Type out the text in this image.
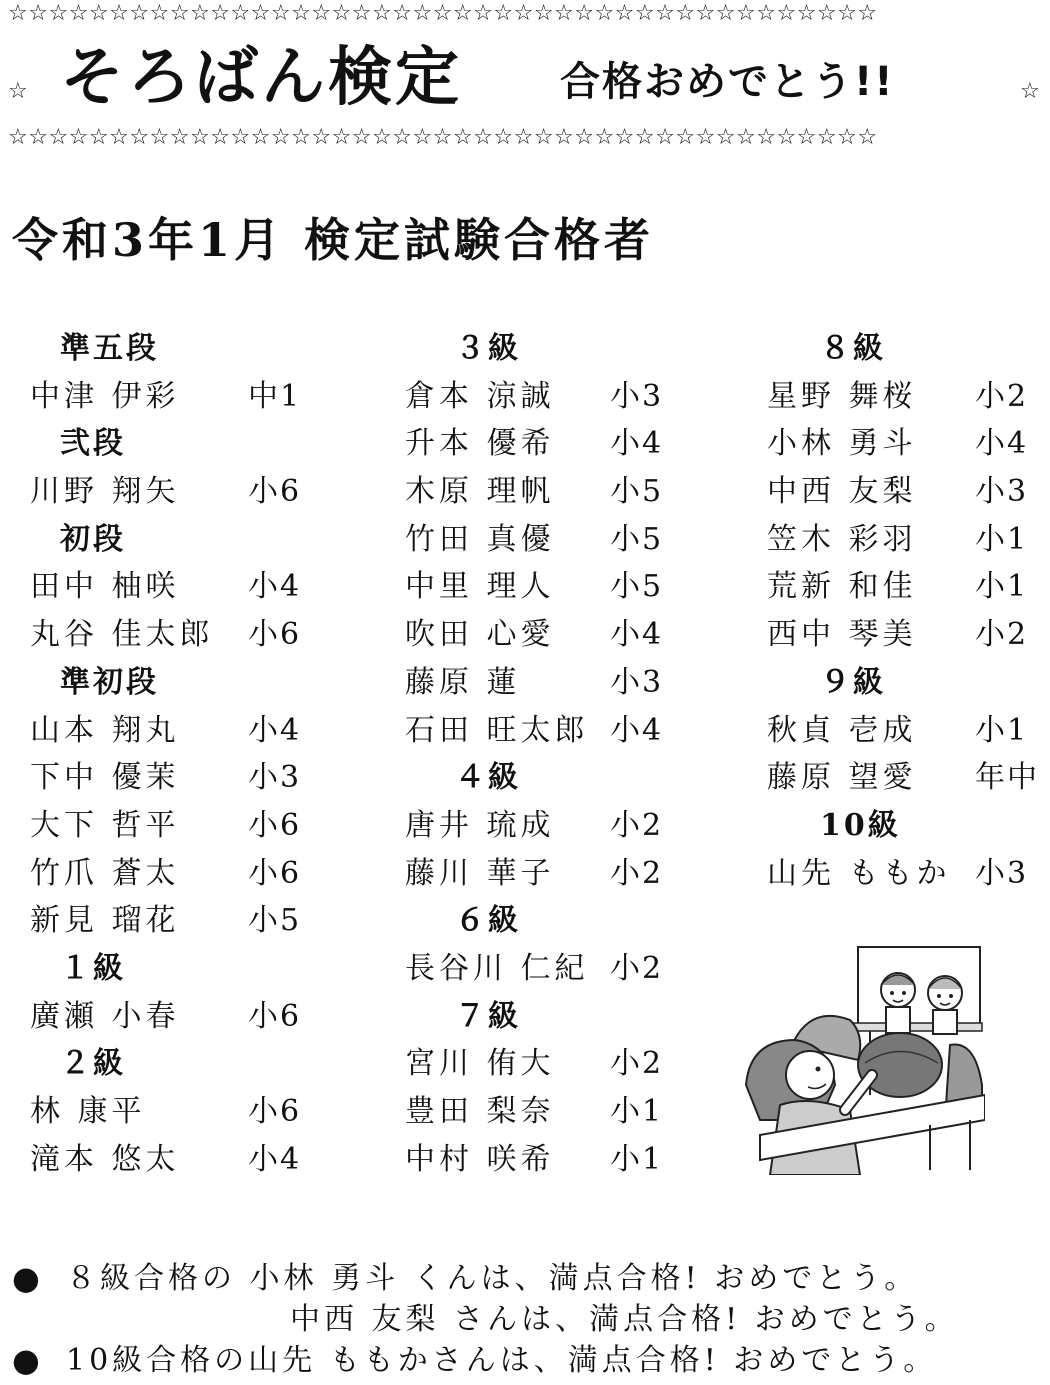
☆☆☆☆☆☆☆☆☆☆☆☆☆☆☆☆☆☆☆☆☆☆☆☆☆☆☆☆☆☆☆☆☆☆☆☆☆☆☆☆☆☆☆
☆ そろばん検定 合格おめでとう!!	☆
☆☆☆☆☆☆☆☆☆☆☆☆☆☆☆☆☆☆☆☆☆☆☆☆☆☆☆☆☆☆☆☆☆☆☆☆☆☆☆☆☆☆☆
令和3年1月 検定試験合格者
準五段
中津 伊彩 中1
弐段
川野 翔矢 小6
初段
田中 柚咲 小4
丸谷 佳太郎 小6
準初段
山本 翔丸 小4
下中 優茉 小3
大下 哲平 小6
竹爪 蒼太 小6
新見 瑠花 小5
１級
廣瀬 小春 小6
２級
林 康平	小6
滝本 悠太 小4
３級
倉本 涼誠 小3
升本 優希 小4
木原 理帆 小5
竹田 真優 小5
中里 理人 小5
吹田 心愛 小4
藤原 蓮	小3
石田 旺太郎 小4
４級
唐井 琉成 小2
藤川 華子 小2
６級
長谷川 仁紀 小2
７級
宮川 侑大 小2
豊田 梨奈 小1
中村 咲希 小1
８級
星野 舞桜 小2
小林 勇斗 小4
中西 友梨 小3
笠木 彩羽 小1
荒新 和佳 小1
西中 琴美 小2
９級
秋貞 壱成 小1
藤原 望愛 年中
10級
山先 ももか 小3
● ８級合格の 小林 勇斗 くんは、満点合格! おめでとう。
中西 友梨 さんは、満点合格! おめでとう。
● 10級合格の山先 ももかさんは、満点合格! おめでとう。
